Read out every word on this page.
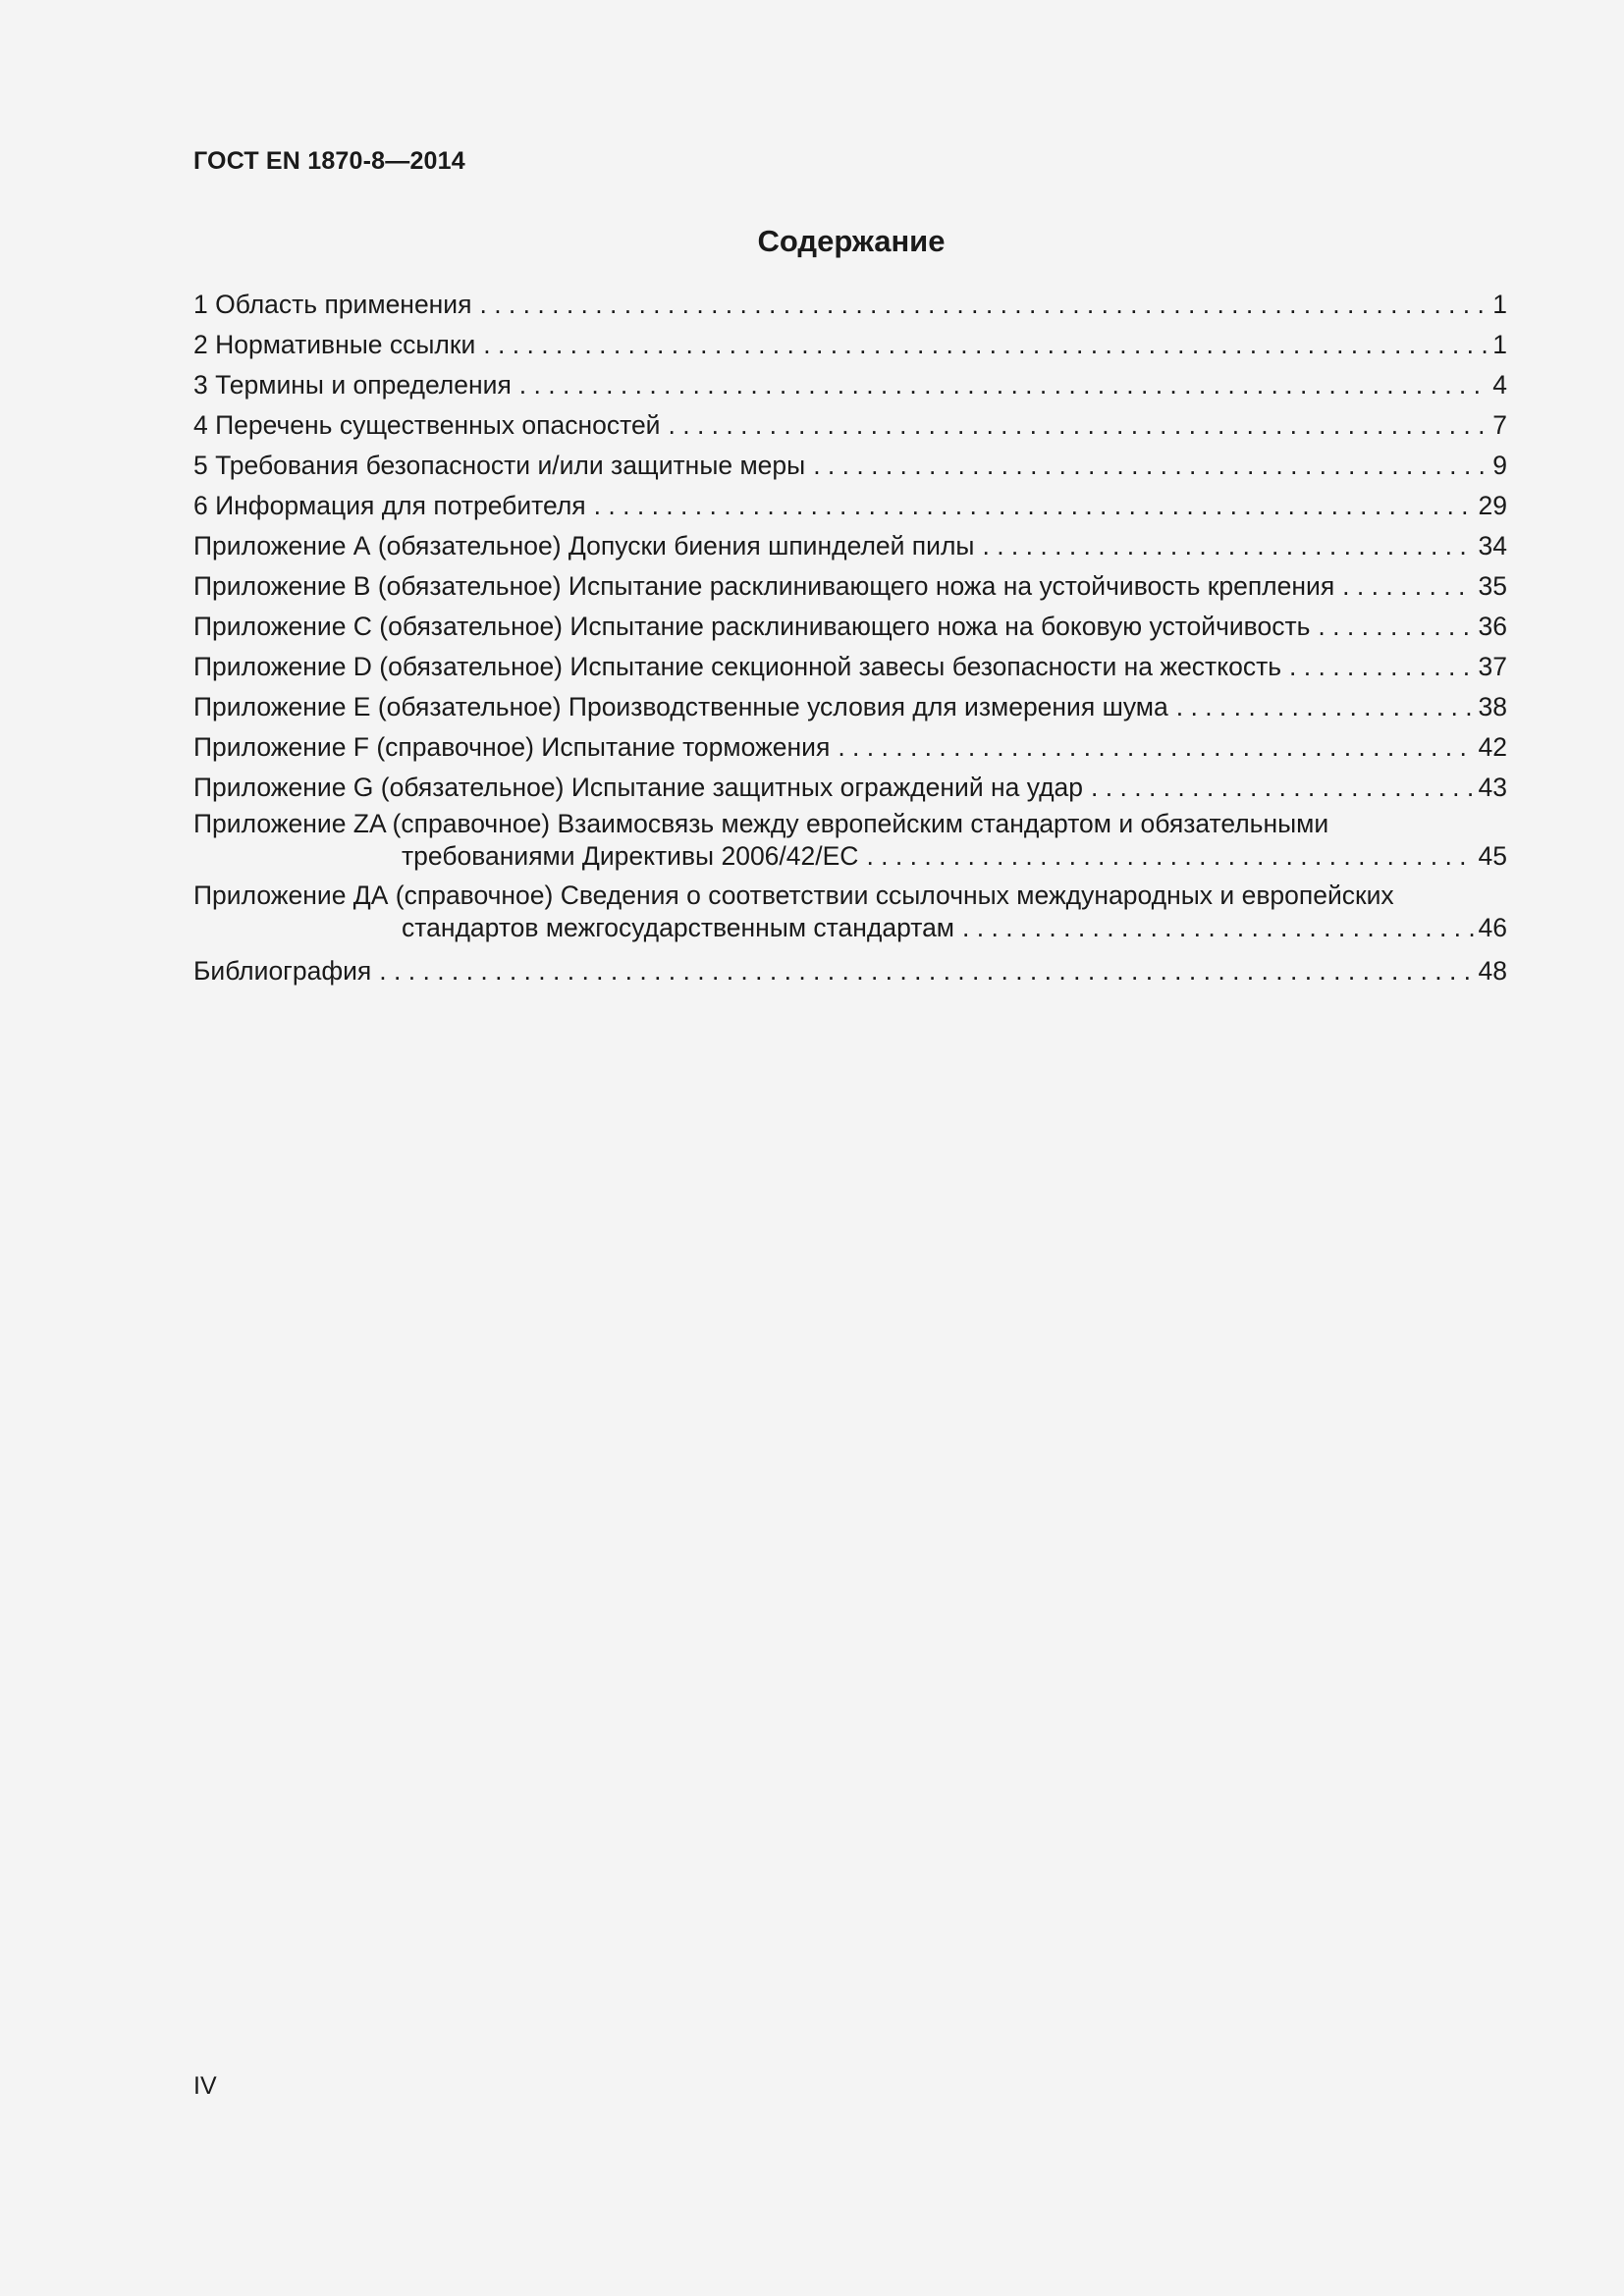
ГОСТ EN 1870-8—2014
Содержание
1 Область применения . . .	1
2 Нормативные ссылки . . .	1
3 Термины и определения . . .	4
4 Перечень существенных опасностей . . .	7
5 Требования безопасности и/или защитные меры . . .	9
6 Информация для потребителя . . .	29
Приложение А (обязательное) Допуски биения шпинделей пилы . . .	34
Приложение В (обязательное) Испытание расклинивающего ножа на устойчивость крепления . . .	35
Приложение С (обязательное) Испытание расклинивающего ножа на боковую устойчивость . . .	36
Приложение D (обязательное) Испытание секционной завесы безопасности на жесткость . . .	37
Приложение Е (обязательное) Производственные условия для измерения шума . . .	38
Приложение F (справочное) Испытание торможения . . .	42
Приложение G (обязательное) Испытание защитных ограждений на удар . . .	43
Приложение ZA (справочное) Взаимосвязь между европейским стандартом и обязательными
требованиями Директивы 2006/42/ЕС . . .	45
Приложение ДА (справочное) Сведения о соответствии ссылочных международных и европейских
стандартов межгосударственным стандартам . . .	46
Библиография . . .	48
IV
